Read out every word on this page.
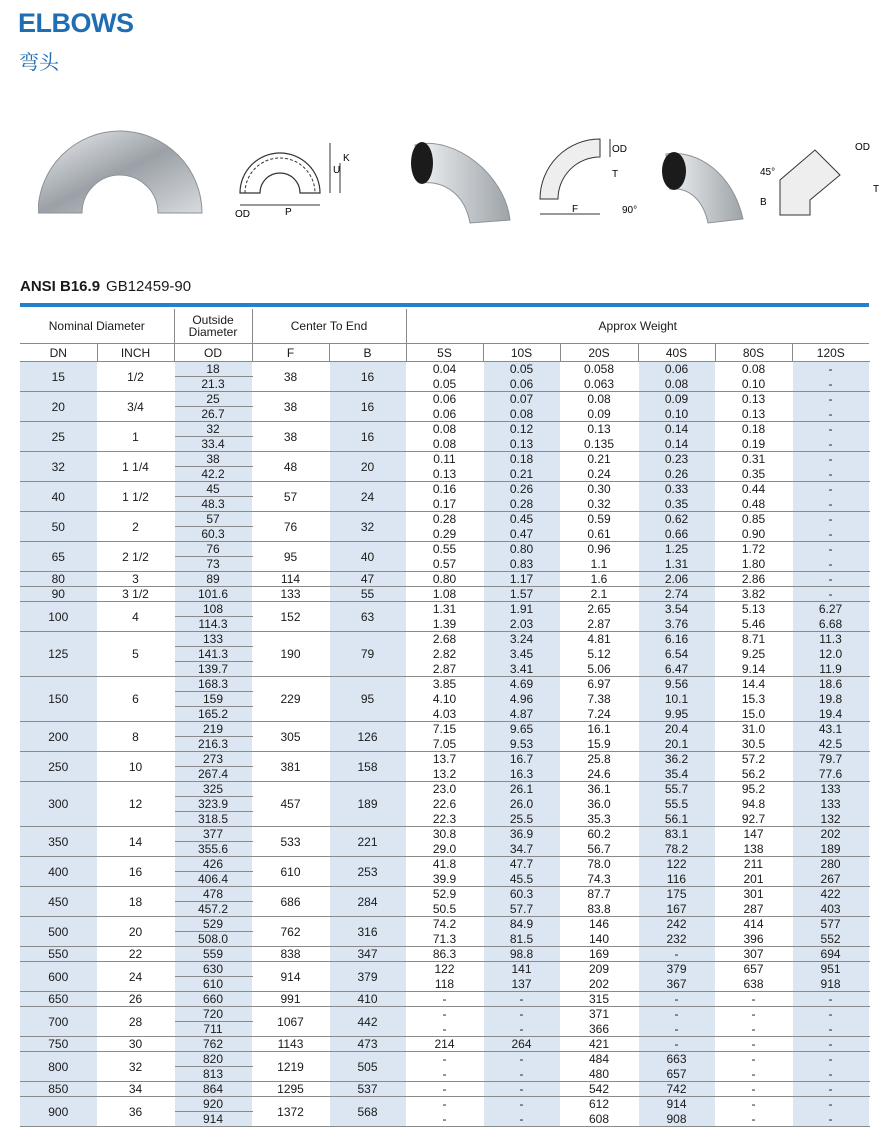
ELBOWS
弯头
OD	P
U
K
OD
T
F	90°
45°
B
OD
T
ANSI B16.9 GB12459-90
Nominal Diameter		Outside Diameter	Center To End		Approx Weight					
DN	INCH	OD	F	B	5S	10S	20S	40S	80S	120S
15	1/2	18	38	16	0.04	0.05	0.058	0.06	0.08	-
		21.3			0.05	0.06	0.063	0.08	0.10	-
20	3/4	25	38	16	0.06	0.07	0.08	0.09	0.13	-
		26.7			0.06	0.08	0.09	0.10	0.13	-
25	1	32	38	16	0.08	0.12	0.13	0.14	0.18	-
		33.4			0.08	0.13	0.135	0.14	0.19	-
32	1 1/4	38	48	20	0.11	0.18	0.21	0.23	0.31	-
		42.2			0.13	0.21	0.24	0.26	0.35	-
40	1 1/2	45	57	24	0.16	0.26	0.30	0.33	0.44	-
		48.3			0.17	0.28	0.32	0.35	0.48	-
50	2	57	76	32	0.28	0.45	0.59	0.62	0.85	-
		60.3			0.29	0.47	0.61	0.66	0.90	-
65	2 1/2	76	95	40	0.55	0.80	0.96	1.25	1.72	-
		73			0.57	0.83	1.1	1.31	1.80	-
80	3	89	114	47	0.80	1.17	1.6	2.06	2.86	-
90	3 1/2	101.6	133	55	1.08	1.57	2.1	2.74	3.82	-
100	4	108	152	63	1.31	1.91	2.65	3.54	5.13	6.27
		114.3			1.39	2.03	2.87	3.76	5.46	6.68
125	5	133	190	79	2.68	3.24	4.81	6.16	8.71	11.3
		141.3			2.82	3.45	5.12	6.54	9.25	12.0
		139.7			2.87	3.41	5.06	6.47	9.14	11.9
150	6	168.3	229	95	3.85	4.69	6.97	9.56	14.4	18.6
		159			4.10	4.96	7.38	10.1	15.3	19.8
		165.2			4.03	4.87	7.24	9.95	15.0	19.4
200	8	219	305	126	7.15	9.65	16.1	20.4	31.0	43.1
		216.3			7.05	9.53	15.9	20.1	30.5	42.5
250	10	273	381	158	13.7	16.7	25.8	36.2	57.2	79.7
		267.4			13.2	16.3	24.6	35.4	56.2	77.6
300	12	325	457	189	23.0	26.1	36.1	55.7	95.2	133
		323.9			22.6	26.0	36.0	55.5	94.8	133
		318.5			22.3	25.5	35.3	56.1	92.7	132
350	14	377	533	221	30.8	36.9	60.2	83.1	147	202
		355.6			29.0	34.7	56.7	78.2	138	189
400	16	426	610	253	41.8	47.7	78.0	122	211	280
		406.4			39.9	45.5	74.3	116	201	267
450	18	478	686	284	52.9	60.3	87.7	175	301	422
		457.2			50.5	57.7	83.8	167	287	403
500	20	529	762	316	74.2	84.9	146	242	414	577
		508.0			71.3	81.5	140	232	396	552
550	22	559	838	347	86.3	98.8	169	-	307	694
600	24	630	914	379	122	141	209	379	657	951
		610			118	137	202	367	638	918
650	26	660	991	410	-	-	315	-	-	-
700	28	720	1067	442	-	-	371	-	-	-
		711			-	-	366	-	-	-
750	30	762	1143	473	214	264	421	-	-	-
800	32	820	1219	505	-	-	484	663	-	-
		813			-	-	480	657	-	-
850	34	864	1295	537	-	-	542	742	-	-
900	36	920	1372	568	-	-	612	914	-	-
		914			-	-	608	908	-	-
